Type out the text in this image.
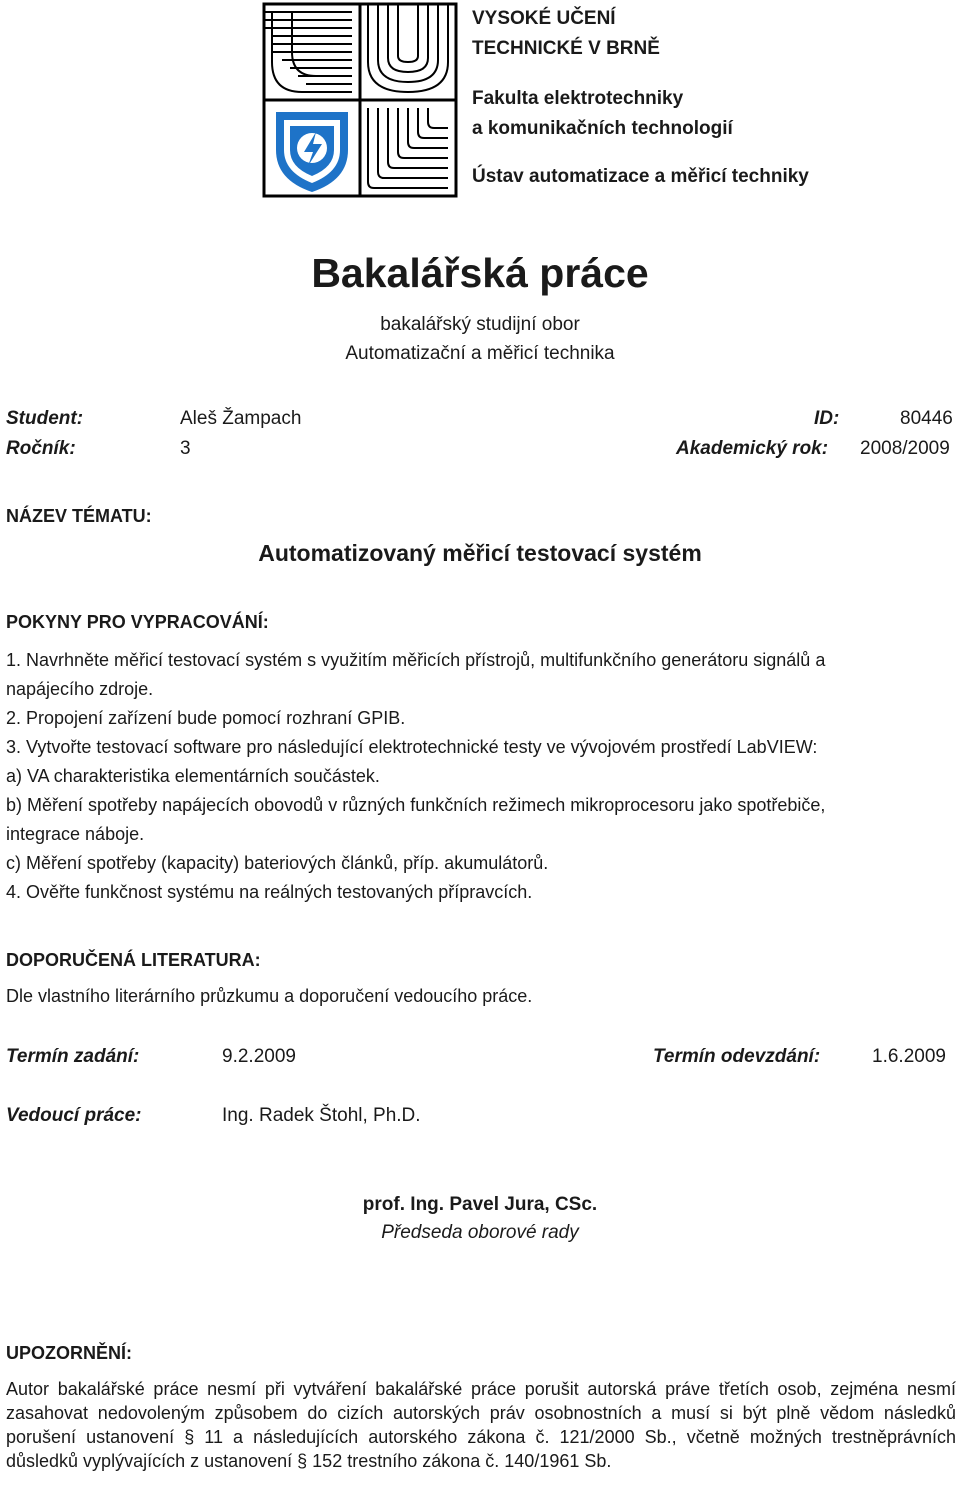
VYSOKÉ UČENÍ
TECHNICKÉ V BRNĚ
Fakulta elektrotechniky
a komunikačních technologií
Ústav automatizace a měřicí techniky
Bakalářská práce
bakalářský studijní obor
Automatizační a měřicí technika
Student:	Aleš Žampach	ID:	80446
Ročník:	3	Akademický rok: 2008/2009
NÁZEV TÉMATU:
Automatizovaný měřicí testovací systém
POKYNY PRO VYPRACOVÁNÍ:
1. Navrhněte měřicí testovací systém s využitím měřicích přístrojů, multifunkčního generátoru signálů a
napájecího zdroje.
2. Propojení zařízení bude pomocí rozhraní GPIB.
3. Vytvořte testovací software pro následující elektrotechnické testy ve vývojovém prostředí LabVIEW:
a) VA charakteristika elementárních součástek.
b) Měření spotřeby napájecích obovodů v různých funkčních režimech mikroprocesoru jako spotřebiče,
integrace náboje.
c) Měření spotřeby (kapacity) bateriových článků, příp. akumulátorů.
4. Ověřte funkčnost systému na reálných testovaných přípravcích.
DOPORUČENÁ LITERATURA:
Dle vlastního literárního průzkumu a doporučení vedoucího práce.
Termín zadání:	9.2.2009	Termín odevzdání:	1.6.2009
Vedoucí práce:	Ing. Radek Štohl, Ph.D.
prof. Ing. Pavel Jura, CSc.
Předseda oborové rady
UPOZORNĚNÍ:
Autor bakalářské práce nesmí při vytváření bakalářské práce porušit autorská práve třetích osob, zejména nesmí zasahovat nedovoleným způsobem do cizích autorských práv osobnostních a musí si být plně vědom následků porušení ustanovení § 11 a následujících autorského zákona č. 121/2000 Sb., včetně možných trestněprávních důsledků vyplývajících z ustanovení § 152 trestního zákona č. 140/1961 Sb.
